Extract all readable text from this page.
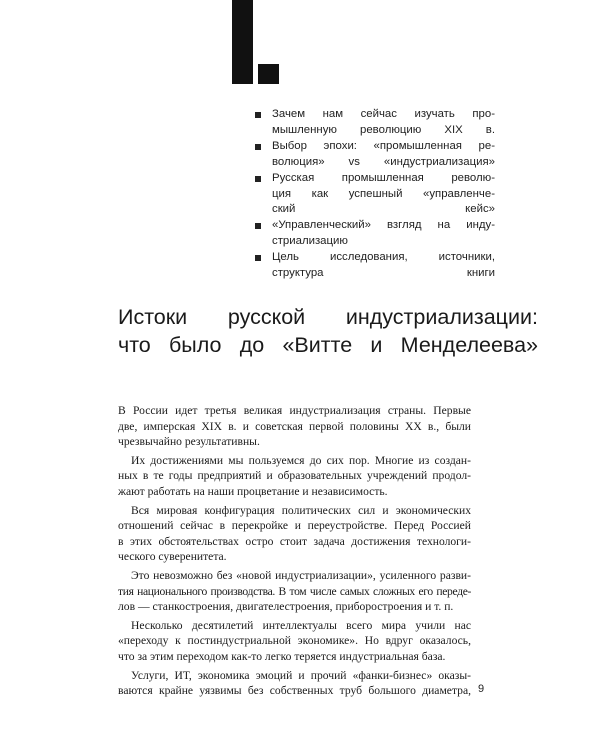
Зачем нам сейчас изучать про-
мышленную революцию XIX в.
Выбор эпохи: «промышленная ре-
волюция» vs «индустриализация»
Русская промышленная револю-
ция как успешный «управленче-
ский кейс»
«Управленческий» взгляд на инду-
стриализацию
Цель исследования, источники,
структура книги
Истоки русской индустриализации:
что было до «Витте и Менделеева»

В России идет третья великая индустриализация страны. Первые
две, имперская XIX в. и советская первой половины XX в., были
чрезвычайно результативны.

Их достижениями мы пользуемся до сих пор. Многие из создан-
ных в те годы предприятий и образовательных учреждений продол-
жают работать на наши процветание и независимость.

Вся мировая конфигурация политических сил и экономических
отношений сейчас в перекройке и переустройстве. Перед Россией
в этих обстоятельствах остро стоит задача достижения технологи-
ческого суверенитета.

Это невозможно без «новой индустриализации», усиленного разви-
тия национального производства. В том числе самых сложных его переде-
лов — станкостроения, двигателестроения, приборостроения и т. п.

Несколько десятилетий интеллектуалы всего мира учили нас
«переходу к постиндустриальной экономике». Но вдруг оказалось,
что за этим переходом как-то легко теряется индустриальная база.

Услуги, ИТ, экономика эмоций и прочий «фанки-бизнес» оказы-
ваются крайне уязвимы без собственных труб большого диаметра, 9
